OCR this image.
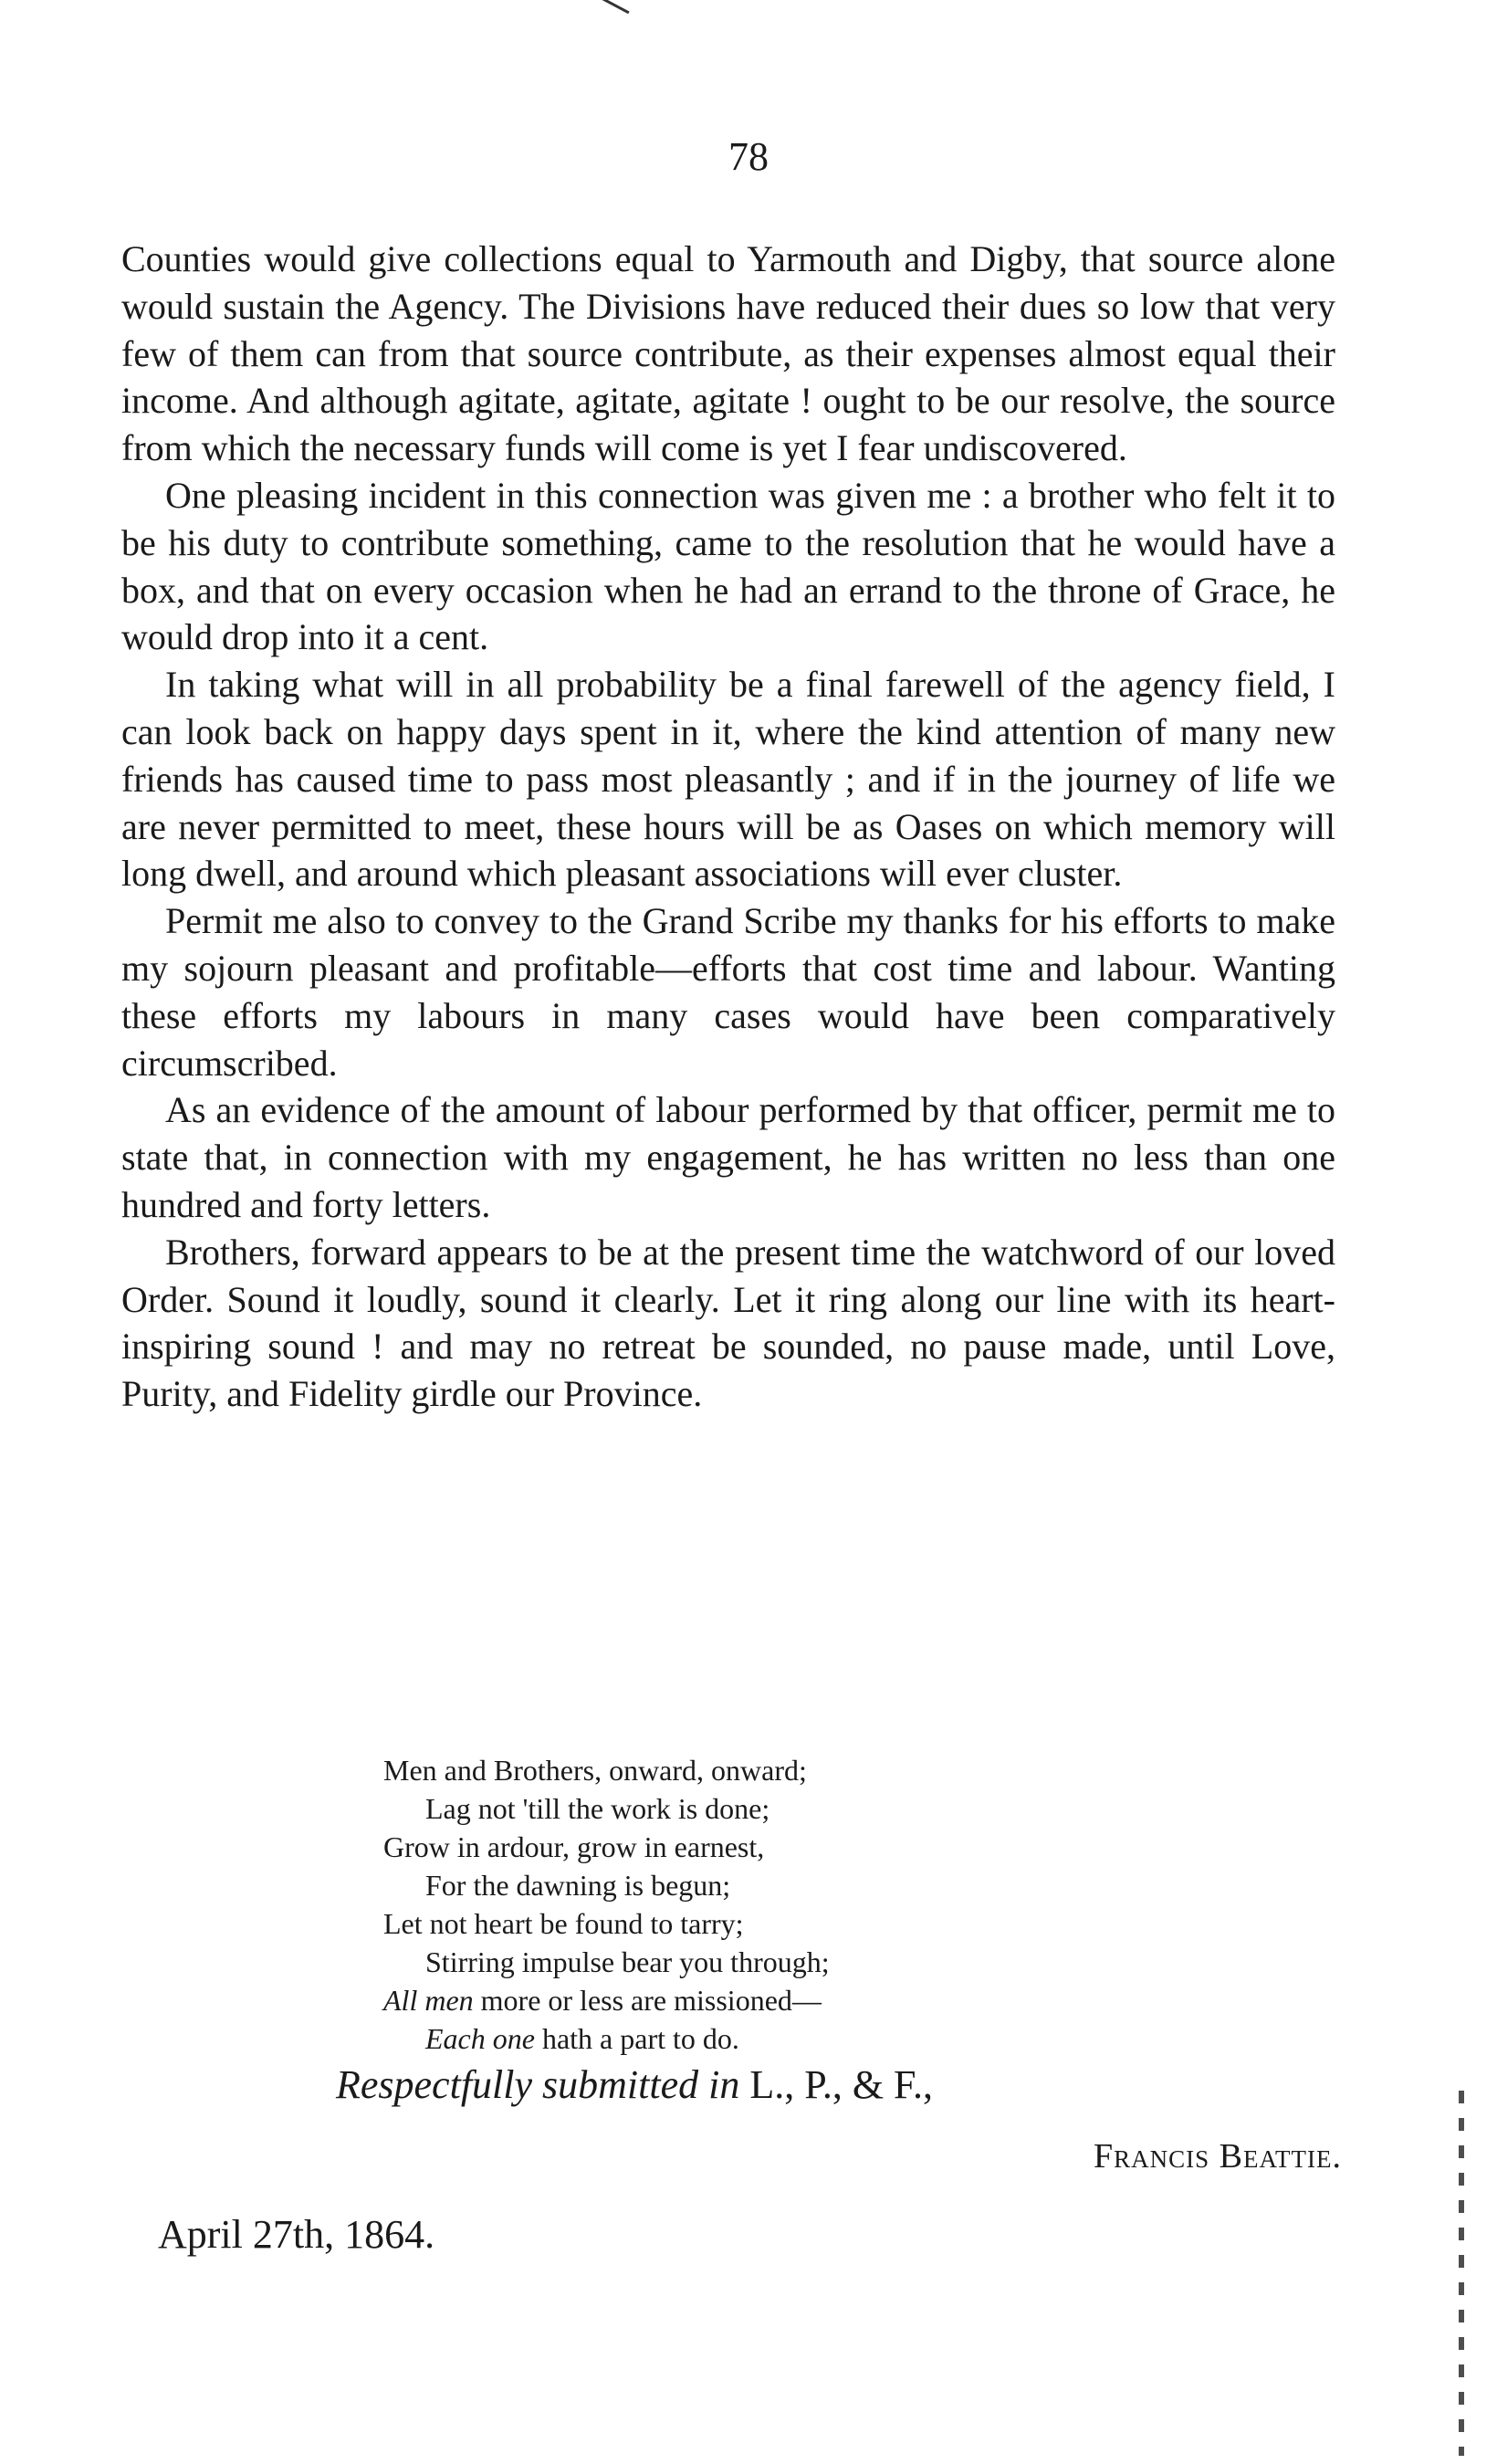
78

Counties would give collections equal to Yarmouth and Digby, that source alone would sustain the Agency. The Divisions have reduced their dues so low that very few of them can from that source contribute, as their expenses almost equal their income. And although agitate, agitate, agitate ! ought to be our resolve, the source from which the necessary funds will come is yet I fear undiscovered.

One pleasing incident in this connection was given me : a brother who felt it to be his duty to contribute something, came to the resolution that he would have a box, and that on every occasion when he had an errand to the throne of Grace, he would drop into it a cent.

In taking what will in all probability be a final farewell of the agency field, I can look back on happy days spent in it, where the kind attention of many new friends has caused time to pass most pleasantly ; and if in the journey of life we are never permitted to meet, these hours will be as Oases on which memory will long dwell, and around which pleasant associations will ever cluster.

Permit me also to convey to the Grand Scribe my thanks for his efforts to make my sojourn pleasant and profitable—efforts that cost time and labour. Wanting these efforts my labours in many cases would have been comparatively circumscribed.

As an evidence of the amount of labour performed by that officer, permit me to state that, in connection with my engagement, he has written no less than one hundred and forty letters.

Brothers, forward appears to be at the present time the watchword of our loved Order. Sound it loudly, sound it clearly. Let it ring along our line with its heart-inspiring sound ! and may no retreat be sounded, no pause made, until Love, Purity, and Fidelity girdle our Province.

Men and Brothers, onward, onward;
Lag not 'till the work is done;
Grow in ardour, grow in earnest,
For the dawning is begun;
Let not heart be found to tarry;
Stirring impulse bear you through;
All men more or less are missioned—
Each one hath a part to do.
Respectfully submitted in L., P., & F.,
Francis Beattie.
April 27th, 1864.
